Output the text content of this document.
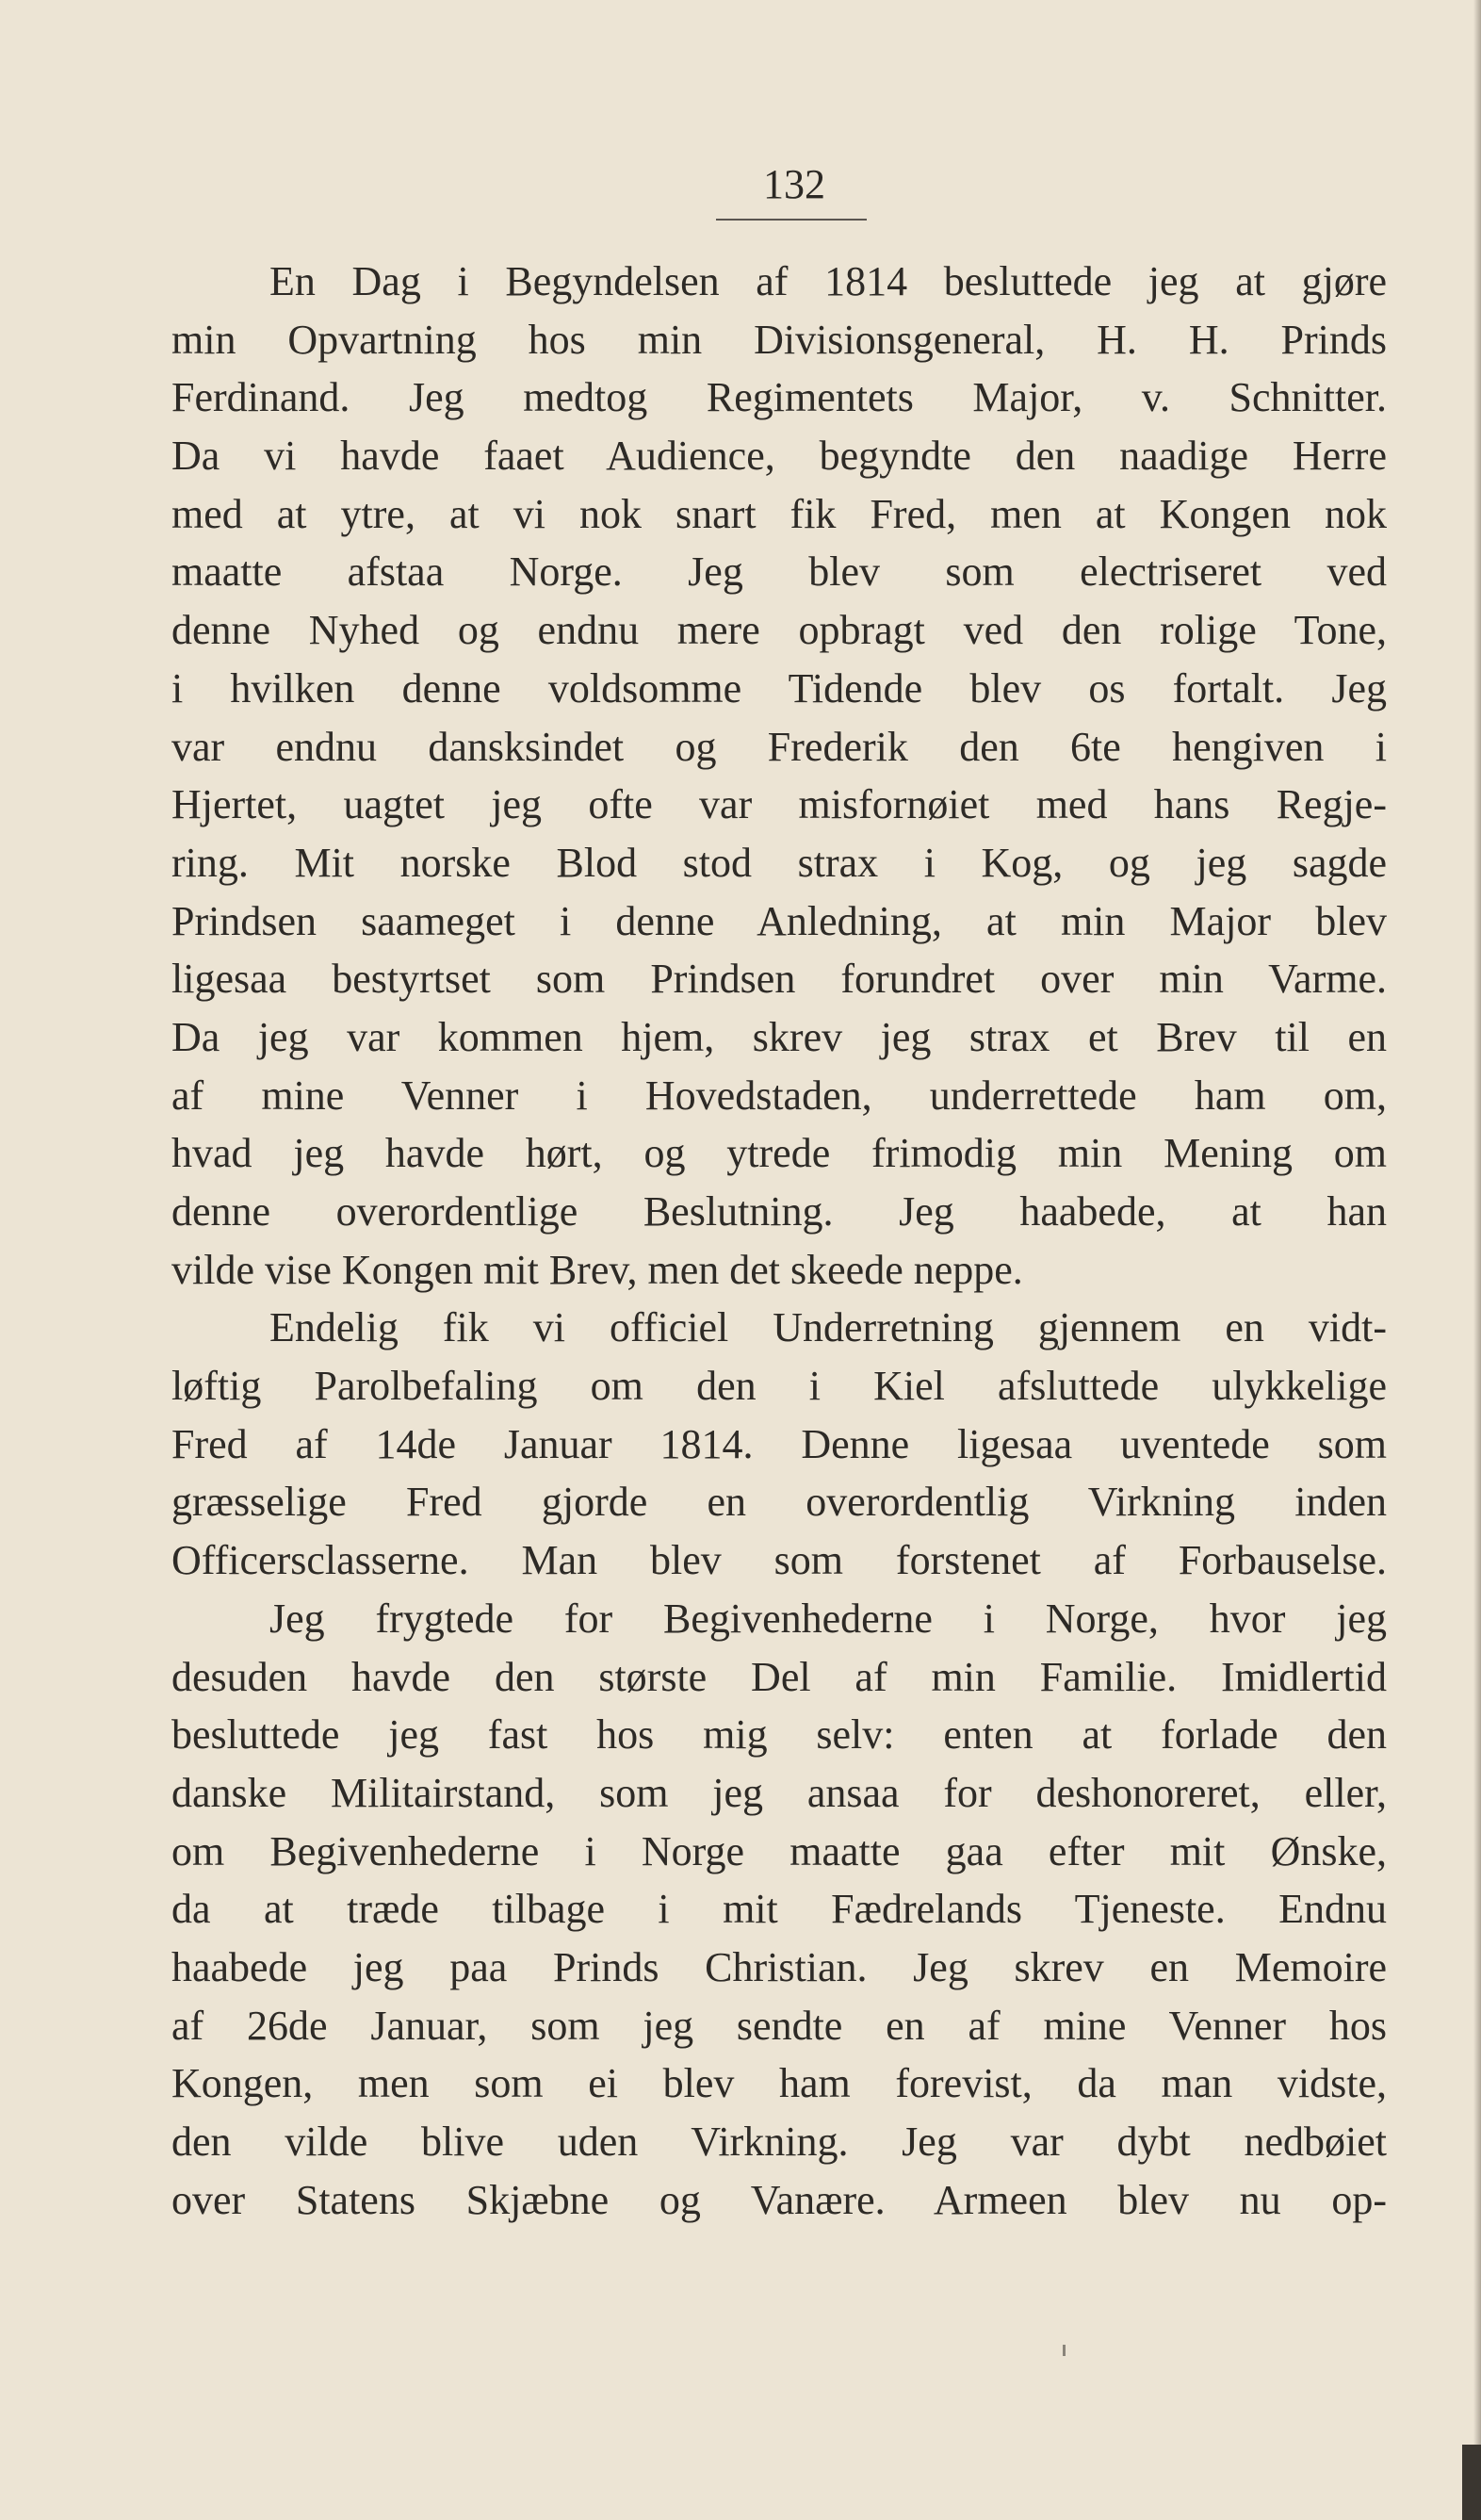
132
En Dag i Begyndelsen af 1814 besluttede jeg at gjøre
min Opvartning hos min Divisionsgeneral, H. H. Prinds
Ferdinand. Jeg medtog Regimentets Major, v. Schnitter.
Da vi havde faaet Audience, begyndte den naadige Herre
med at ytre, at vi nok snart fik Fred, men at Kongen nok
maatte afstaa Norge. Jeg blev som electriseret ved
denne Nyhed og endnu mere opbragt ved den rolige Tone,
i hvilken denne voldsomme Tidende blev os fortalt. Jeg
var endnu dansksindet og Frederik den 6te hengiven i
Hjertet, uagtet jeg ofte var misfornøiet med hans Regje-
ring. Mit norske Blod stod strax i Kog, og jeg sagde
Prindsen saameget i denne Anledning, at min Major blev
ligesaa bestyrtset som Prindsen forundret over min Varme.
Da jeg var kommen hjem, skrev jeg strax et Brev til en
af mine Venner i Hovedstaden, underrettede ham om,
hvad jeg havde hørt, og ytrede frimodig min Mening om
denne overordentlige Beslutning. Jeg haabede, at han
vilde vise Kongen mit Brev, men det skeede neppe.
Endelig fik vi officiel Underretning gjennem en vidt-
løftig Parolbefaling om den i Kiel afsluttede ulykkelige
Fred af 14de Januar 1814. Denne ligesaa uventede som
græsselige Fred gjorde en overordentlig Virkning inden
Officersclasserne. Man blev som forstenet af Forbauselse.
Jeg frygtede for Begivenhederne i Norge, hvor jeg
desuden havde den største Del af min Familie. Imidlertid
besluttede jeg fast hos mig selv: enten at forlade den
danske Militairstand, som jeg ansaa for deshonoreret, eller,
om Begivenhederne i Norge maatte gaa efter mit Ønske,
da at træde tilbage i mit Fædrelands Tjeneste. Endnu
haabede jeg paa Prinds Christian. Jeg skrev en Memoire
af 26de Januar, som jeg sendte en af mine Venner hos
Kongen, men som ei blev ham forevist, da man vidste,
den vilde blive uden Virkning. Jeg var dybt nedbøiet
over Statens Skjæbne og Vanære. Armeen blev nu op-
